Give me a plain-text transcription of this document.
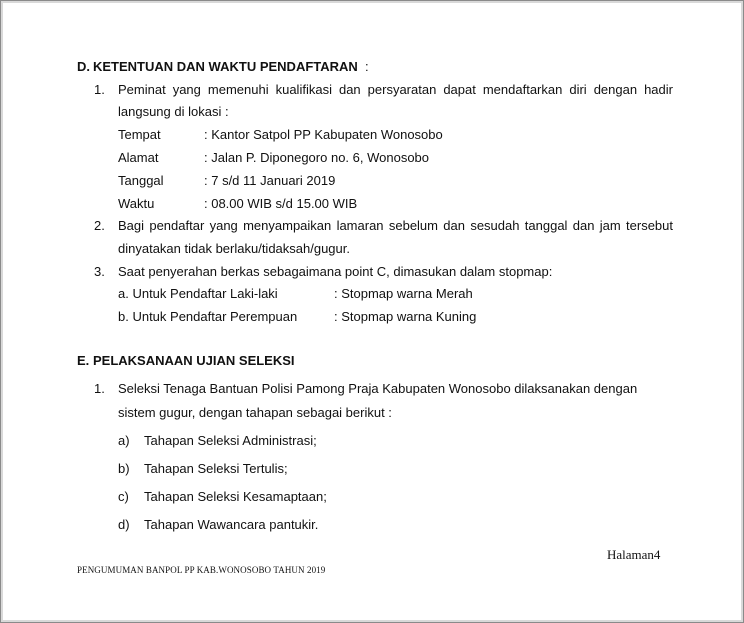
D. KETENTUAN DAN WAKTU PENDAFTARAN :
1. Peminat yang memenuhi kualifikasi dan persyaratan dapat mendaftarkan diri dengan hadir
langsung di lokasi :
Tempat	: Kantor Satpol PP Kabupaten Wonosobo
Alamat	: Jalan P. Diponegoro no. 6, Wonosobo
Tanggal	: 7 s/d 11 Januari 2019
Waktu	: 08.00 WIB s/d 15.00 WIB
2. Bagi pendaftar yang menyampaikan lamaran sebelum dan sesudah tanggal dan jam tersebut
dinyatakan tidak berlaku/tidaksah/gugur.
3. Saat penyerahan berkas sebagaimana point C, dimasukan dalam stopmap:
a. Untuk Pendaftar Laki-laki	: Stopmap warna Merah
b. Untuk Pendaftar Perempuan	: Stopmap warna Kuning
E. PELAKSANAAN UJIAN SELEKSI
1. Seleksi Tenaga Bantuan Polisi Pamong Praja Kabupaten Wonosobo dilaksanakan dengan
sistem gugur, dengan tahapan sebagai berikut :
a) Tahapan Seleksi Administrasi;
b) Tahapan Seleksi Tertulis;
c) Tahapan Seleksi Kesamaptaan;
d) Tahapan Wawancara pantukir.
Halaman4
PENGUMUMAN BANPOL PP KAB.WONOSOBO TAHUN 2019
